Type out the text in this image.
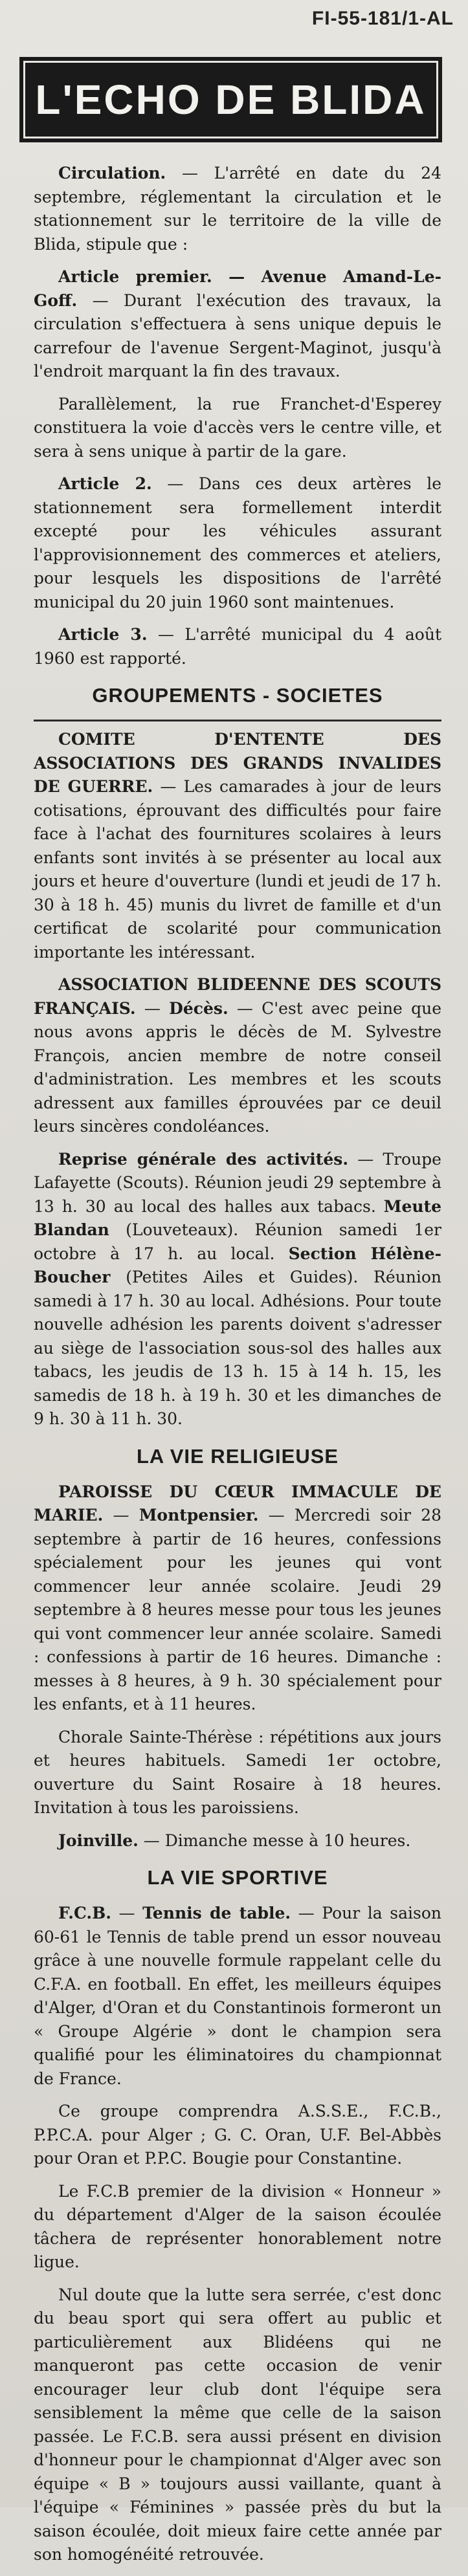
FI-55-181/1-AL
L'ECHO DE BLIDA

Circulation. — L'arrêté en date du 24 septembre, réglementant la circulation et le stationnement sur le territoire de la ville de Blida, stipule que :

Article premier. — Avenue Amand-Le-Goff. — Durant l'exécution des travaux, la circulation s'effectuera à sens unique depuis le carrefour de l'avenue Sergent-Maginot, jusqu'à l'endroit marquant la fin des travaux.

Parallèlement, la rue Franchet-d'Esperey constituera la voie d'accès vers le centre ville, et sera à sens unique à partir de la gare.

Article 2. — Dans ces deux artères le stationnement sera formellement interdit excepté pour les véhicules assurant l'approvisionnement des commerces et ateliers, pour lesquels les dispositions de l'arrêté municipal du 20 juin 1960 sont maintenues.

Article 3. — L'arrêté municipal du 4 août 1960 est rapporté.

GROUPEMENTS - SOCIETES

COMITE D'ENTENTE DES ASSOCIATIONS DES GRANDS INVALIDES DE GUERRE. — Les camarades à jour de leurs cotisations, éprouvant des difficultés pour faire face à l'achat des fournitures scolaires à leurs enfants sont invités à se présenter au local aux jours et heure d'ouverture (lundi et jeudi de 17 h. 30 à 18 h. 45) munis du livret de famille et d'un certificat de scolarité pour communication importante les intéressant.

ASSOCIATION BLIDEENNE DES SCOUTS FRANÇAIS. — Décès. — C'est avec peine que nous avons appris le décès de M. Sylvestre François, ancien membre de notre conseil d'administration. Les membres et les scouts adressent aux familles éprouvées par ce deuil leurs sincères condoléances.

Reprise générale des activités. — Troupe Lafayette (Scouts). Réunion jeudi 29 septembre à 13 h. 30 au local des halles aux tabacs. Meute Blandan (Louveteaux). Réunion samedi 1er octobre à 17 h. au local. Section Hélène-Boucher (Petites Ailes et Guides). Réunion samedi à 17 h. 30 au local. Adhésions. Pour toute nouvelle adhésion les parents doivent s'adresser au siège de l'association sous-sol des halles aux tabacs, les jeudis de 13 h. 15 à 14 h. 15, les samedis de 18 h. à 19 h. 30 et les dimanches de 9 h. 30 à 11 h. 30.

LA VIE RELIGIEUSE

PAROISSE DU CŒUR IMMACULE DE MARIE. — Montpensier. — Mercredi soir 28 septembre à partir de 16 heures, confessions spécialement pour les jeunes qui vont commencer leur année scolaire. Jeudi 29 septembre à 8 heures messe pour tous les jeunes qui vont commencer leur année scolaire. Samedi : confessions à partir de 16 heures. Dimanche : messes à 8 heures, à 9 h. 30 spécialement pour les enfants, et à 11 heures.

Chorale Sainte-Thérèse : répétitions aux jours et heures habituels. Samedi 1er octobre, ouverture du Saint Rosaire à 18 heures. Invitation à tous les paroissiens.

Joinville. — Dimanche messe à 10 heures.

LA VIE SPORTIVE

F.C.B. — Tennis de table. — Pour la saison 60-61 le Tennis de table prend un essor nouveau grâce à une nouvelle formule rappelant celle du C.F.A. en football. En effet, les meilleurs équipes d'Alger, d'Oran et du Constantinois formeront un « Groupe Algérie » dont le champion sera qualifié pour les éliminatoires du championnat de France.

Ce groupe comprendra A.S.S.E., F.C.B., P.P.C.A. pour Alger ; G. C. Oran, U.F. Bel-Abbès pour Oran et P.P.C. Bougie pour Constantine.

Le F.C.B premier de la division « Honneur » du département d'Alger de la saison écoulée tâchera de représenter honorablement notre ligue.

Nul doute que la lutte sera serrée, c'est donc du beau sport qui sera offert au public et particulièrement aux Blidéens qui ne manqueront pas cette occasion de venir encourager leur club dont l'équipe sera sensiblement la même que celle de la saison passée. Le F.C.B. sera aussi présent en division d'honneur pour le championnat d'Alger avec son équipe « B » toujours aussi vaillante, quant à l'équipe « Féminines » passée près du but la saison écoulée, doit mieux faire cette année par son homogénéité retrouvée.
